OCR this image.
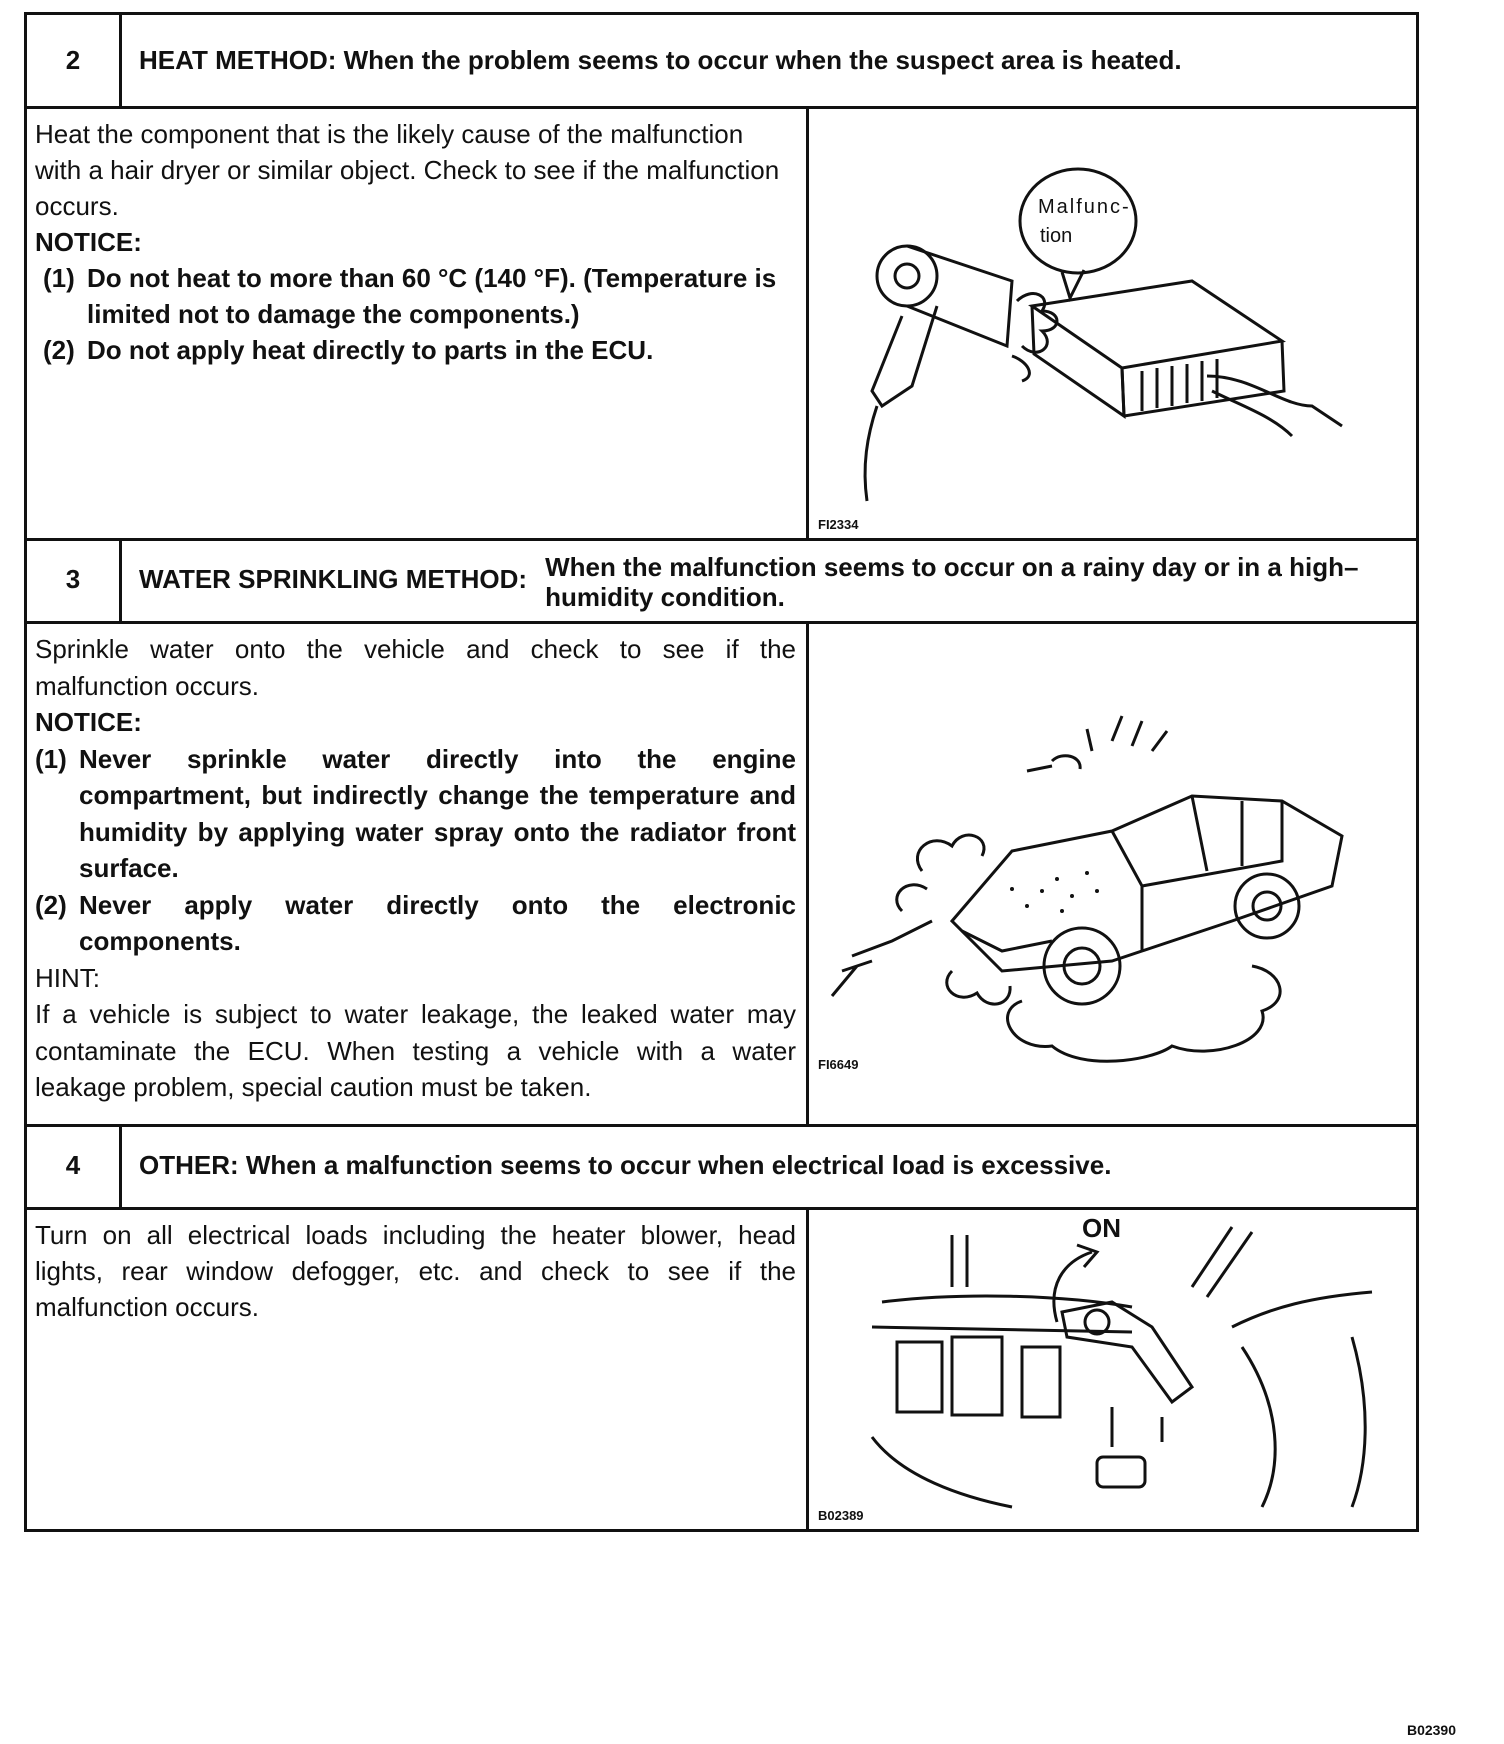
2	HEAT METHOD: When the problem seems to occur when the suspect area is heated.
Heat the component that is the likely cause of the malfunction with a hair dryer or similar object. Check to see if the malfunction occurs.
NOTICE:
(1) Do not heat to more than 60 °C (140 °F). (Temperature is limited not to damage the components.)
(2) Do not apply heat directly to parts in the ECU.
Malfunc-
tion
FI2334
3	WATER SPRINKLING METHOD: When the malfunction seems to occur on a rainy day or in a high–humidity condition.
Sprinkle water onto the vehicle and check to see if the malfunction occurs.
NOTICE:
(1) Never sprinkle water directly into the engine compartment, but indirectly change the temperature and humidity by applying water spray onto the radiator front surface.
(2) Never apply water directly onto the electronic components.
HINT:
If a vehicle is subject to water leakage, the leaked water may contaminate the ECU. When testing a vehicle with a water leakage problem, special caution must be taken.
FI6649
4	OTHER: When a malfunction seems to occur when electrical load is excessive.
Turn on all electrical loads including the heater blower, head lights, rear window defogger, etc. and check to see if the malfunction occurs.
ON
B02389
B02390
